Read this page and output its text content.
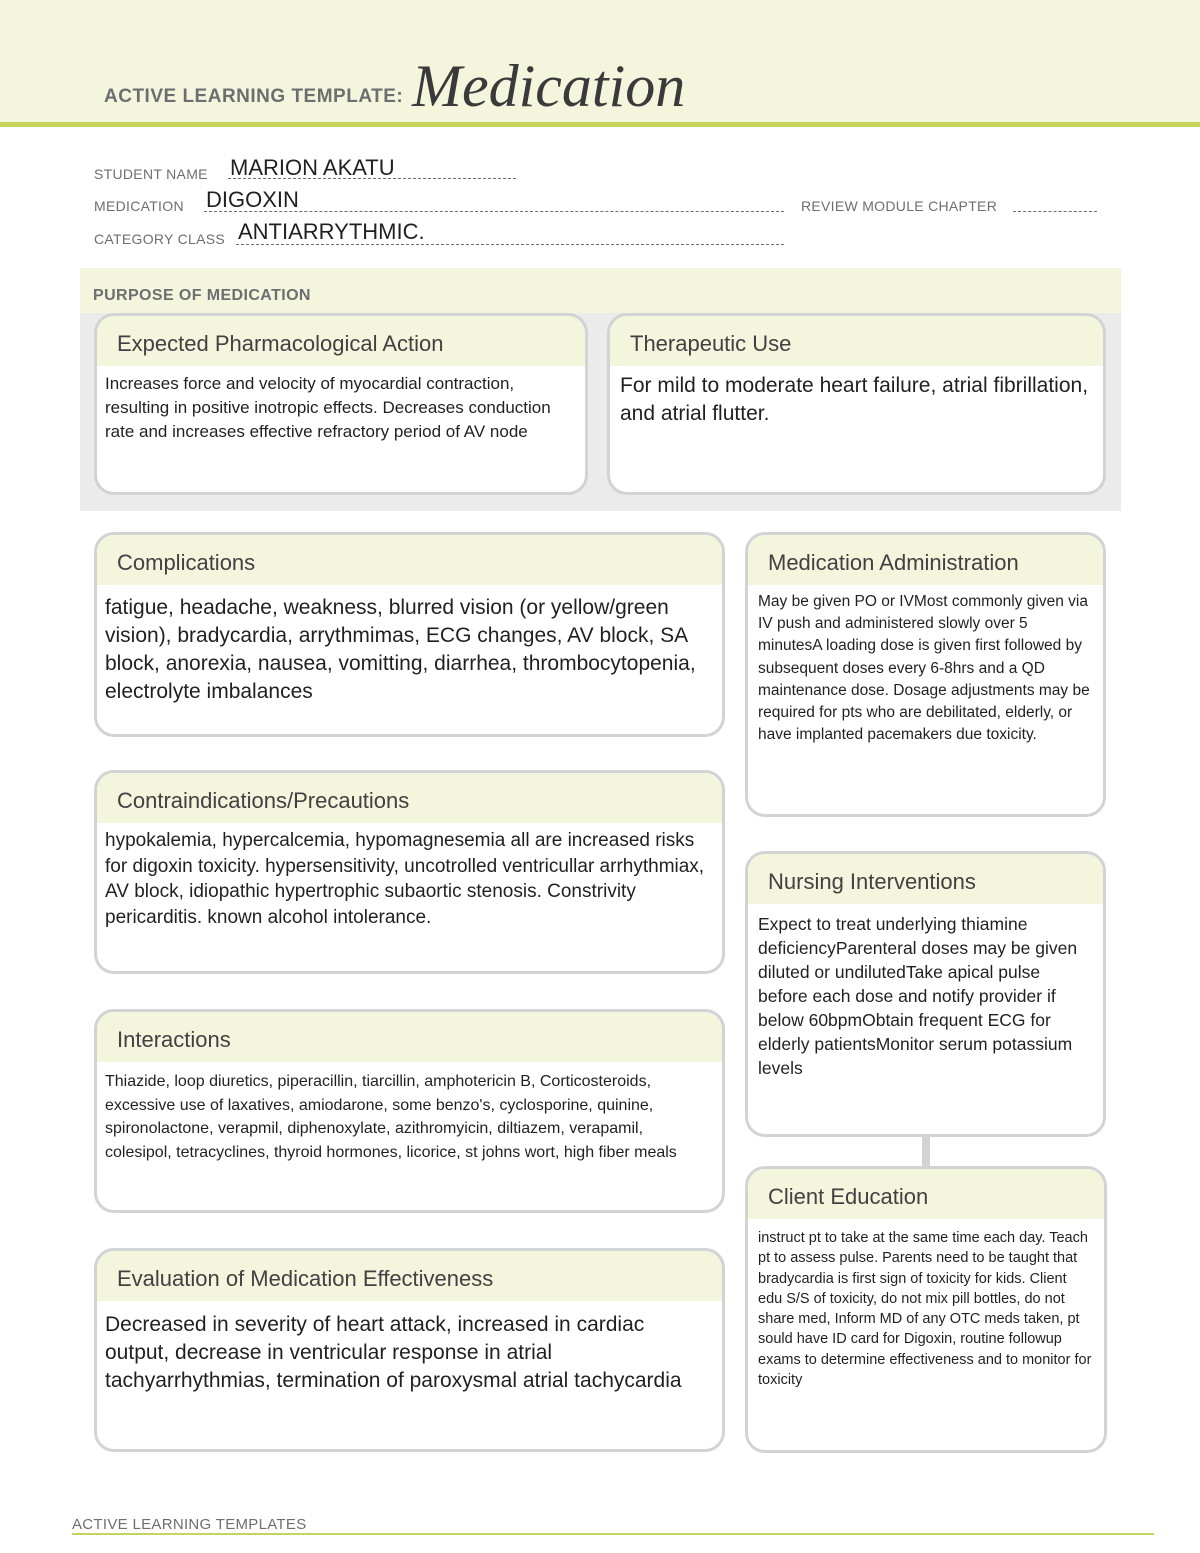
ACTIVE LEARNING TEMPLATE: Medication
STUDENT NAME MARION AKATU
MEDICATION DIGOXIN	REVIEW MODULE CHAPTER
CATEGORY CLASS ANTIARRYTHMIC.
PURPOSE OF MEDICATION
Expected Pharmacological Action
Increases force and velocity of myocardial contraction, resulting in positive inotropic effects. Decreases conduction rate and increases effective refractory period of AV node
Therapeutic Use
For mild to moderate heart failure, atrial fibrillation, and atrial flutter.
Complications
fatigue, headache, weakness, blurred vision (or yellow/green vision), bradycardia, arrythmimas, ECG changes, AV block, SA block, anorexia, nausea, vomitting, diarrhea, thrombocytopenia, electrolyte imbalances
Contraindications/Precautions
hypokalemia, hypercalcemia, hypomagnesemia all are increased risks for digoxin toxicity. hypersensitivity, uncotrolled ventricullar arrhythmiax, AV block, idiopathic hypertrophic subaortic stenosis. Constrivity pericarditis. known alcohol intolerance.
Interactions
Thiazide, loop diuretics, piperacillin, tiarcillin, amphotericin B, Corticosteroids, excessive use of laxatives, amiodarone, some benzo's, cyclosporine, quinine, spironolactone, verapmil, diphenoxylate, azithromyicin, diltiazem, verapamil, colesipol, tetracyclines, thyroid hormones, licorice, st johns wort, high fiber meals
Evaluation of Medication Effectiveness
Decreased in severity of heart attack, increased in cardiac output, decrease in ventricular response in atrial tachyarrhythmias, termination of paroxysmal atrial tachycardia
Medication Administration
May be given PO or IVMost commonly given via IV push and administered slowly over 5 minutesA loading dose is given first followed by subsequent doses every 6-8hrs and a QD maintenance dose. Dosage adjustments may be required for pts who are debilitated, elderly, or have implanted pacemakers due toxicity.
Nursing Interventions
Expect to treat underlying thiamine deficiencyParenteral doses may be given diluted or undilutedTake apical pulse before each dose and notify provider if below 60bpmObtain frequent ECG for elderly patientsMonitor serum potassium levels
Client Education
instruct pt to take at the same time each day. Teach pt to assess pulse. Parents need to be taught that bradycardia is first sign of toxicity for kids. Client edu S/S of toxicity, do not mix pill bottles, do not share med, Inform MD of any OTC meds taken, pt sould have ID card for Digoxin, routine followup exams to determine effectiveness and to monitor for toxicity
ACTIVE LEARNING TEMPLATES
